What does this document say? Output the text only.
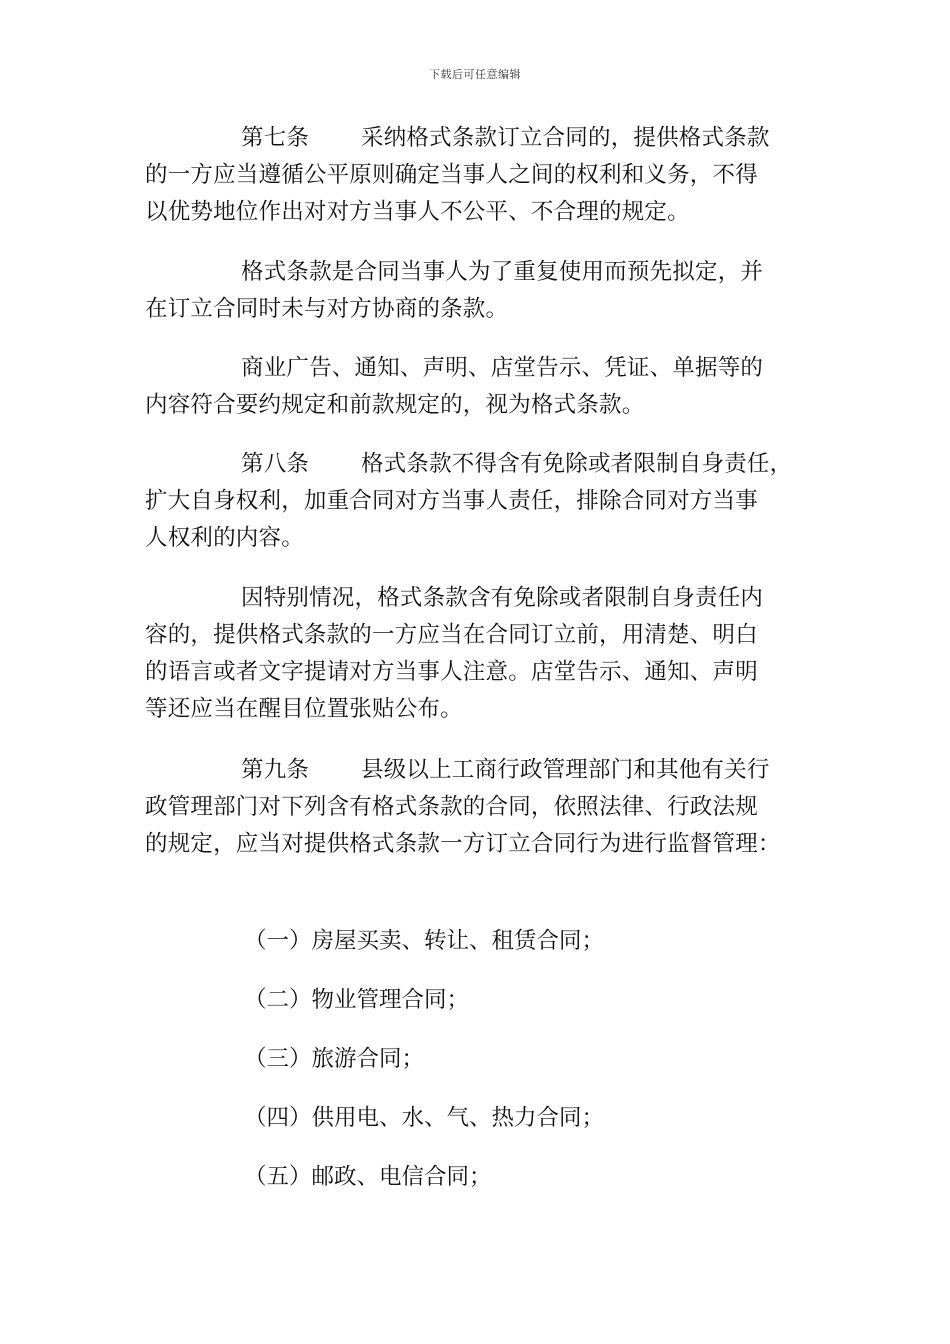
下载后可任意编辑
第七条 采纳格式条款订立合同的，提供格式条款
的一方应当遵循公平原则确定当事人之间的权利和义务，不得
以优势地位作出对对方当事人不公平、不合理的规定。
格式条款是合同当事人为了重复使用而预先拟定，并
在订立合同时未与对方协商的条款。
商业广告、通知、声明、店堂告示、凭证、单据等的
内容符合要约规定和前款规定的，视为格式条款。
第八条 格式条款不得含有免除或者限制自身责任，
扩大自身权利，加重合同对方当事人责任，排除合同对方当事
人权利的内容。
因特别情况，格式条款含有免除或者限制自身责任内
容的，提供格式条款的一方应当在合同订立前，用清楚、明白
的语言或者文字提请对方当事人注意。店堂告示、通知、声明
等还应当在醒目位置张贴公布。
第九条 县级以上工商行政管理部门和其他有关行
政管理部门对下列含有格式条款的合同，依照法律、行政法规
的规定，应当对提供格式条款一方订立合同行为进行监督管理：
（一）房屋买卖、转让、租赁合同；
（二）物业管理合同；
（三）旅游合同；
（四）供用电、水、气、热力合同；
（五）邮政、电信合同；
